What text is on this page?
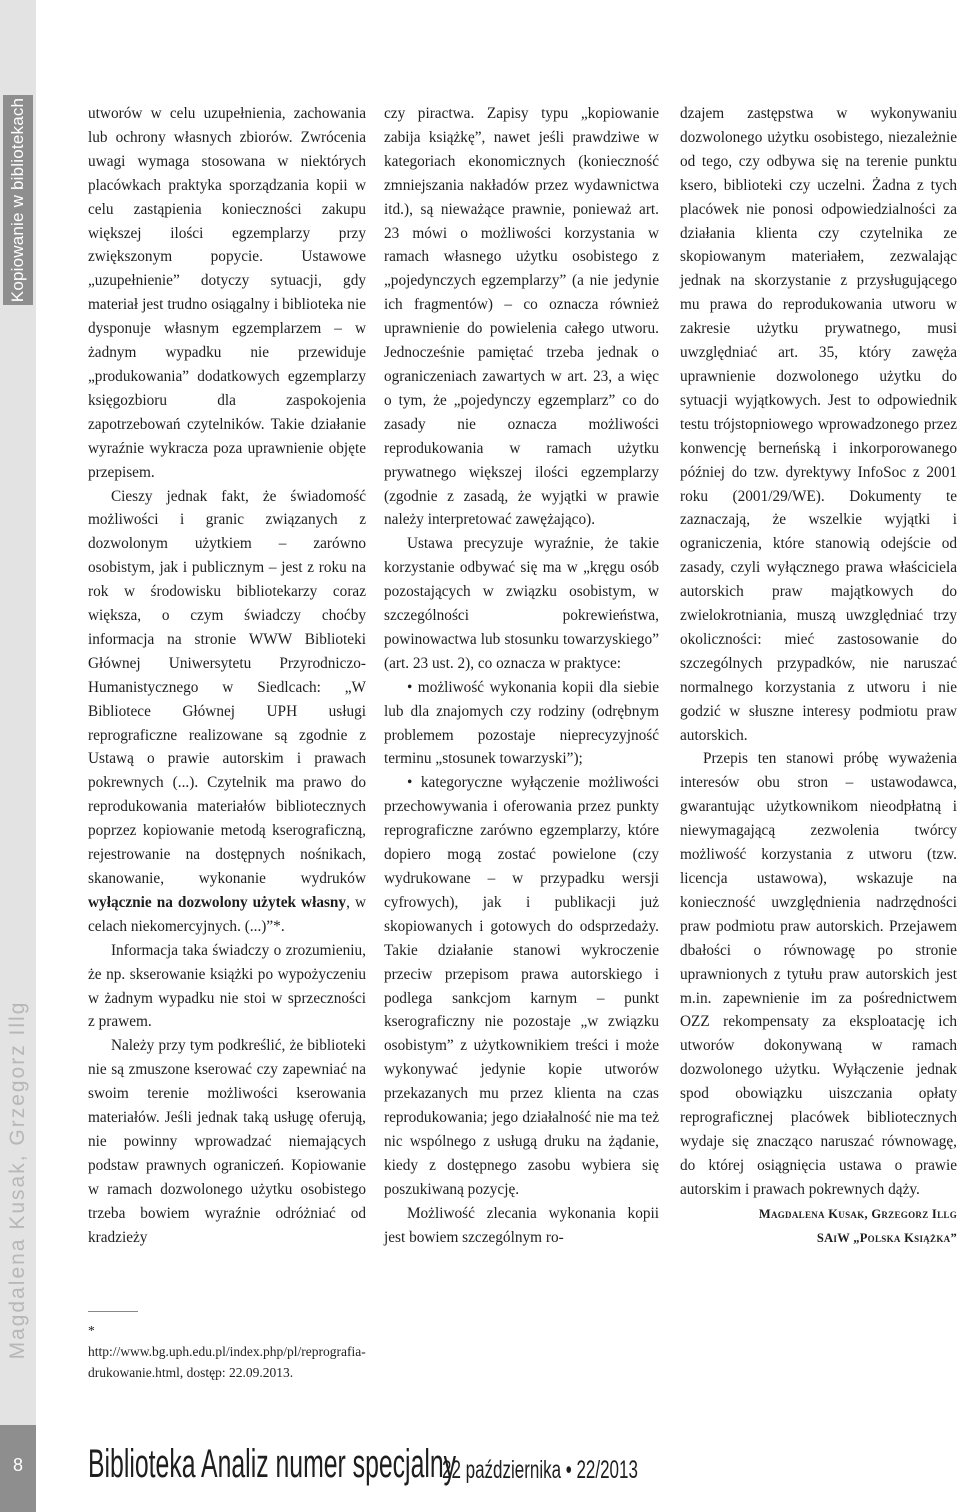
Kopiowanie w bibliotekach
Magdalena Kusak, Grzegorz Illg
8

utworów w celu uzupełnienia, zachowania lub ochrony własnych zbiorów. Zwrócenia uwagi wymaga stosowana w niektórych placówkach praktyka sporządzania kopii w celu zastąpienia konieczności zakupu większej ilości egzemplarzy przy zwiększonym popycie. Ustawowe „uzupełnienie” dotyczy sytuacji, gdy materiał jest trudno osiągalny i biblioteka nie dysponuje własnym egzemplarzem – w żadnym wypadku nie przewiduje „produkowania” dodatkowych egzemplarzy księgozbioru dla zaspokojenia zapotrzebowań czytelników. Takie działanie wyraźnie wykracza poza uprawnienie objęte przepisem.

Cieszy jednak fakt, że świadomość możliwości i granic związanych z dozwolonym użytkiem – zarówno osobistym, jak i publicznym – jest z roku na rok w środowisku bibliotekarzy coraz większa, o czym świadczy choćby informacja na stronie WWW Biblioteki Głównej Uniwersytetu Przyrodniczo-Humanistycznego w Siedlcach: „W Bibliotece Głównej UPH usługi reprograficzne realizowane są zgodnie z Ustawą o prawie autorskim i prawach pokrewnych (...). Czytelnik ma prawo do reprodukowania materiałów bibliotecznych poprzez kopiowanie metodą kserograficzną, rejestrowanie na dostępnych nośnikach, skanowanie, wykonanie wydruków wyłącznie na dozwolony użytek własny, w celach niekomercyjnych. (...)”*.

Informacja taka świadczy o zrozumieniu, że np. skserowanie książki po wypożyczeniu w żadnym wypadku nie stoi w sprzeczności z prawem.

Należy przy tym podkreślić, że biblioteki nie są zmuszone kserować czy zapewniać na swoim terenie możliwości kserowania materiałów. Jeśli jednak taką usługę oferują, nie powinny wprowadzać niemających podstaw prawnych ograniczeń. Kopiowanie w ramach dozwolonego użytku osobistego trzeba bowiem wyraźnie odróżniać od kradzieży

* http://www.bg.uph.edu.pl/index.php/pl/reprografia-drukowanie.html, dostęp: 22.09.2013.

czy piractwa. Zapisy typu „kopiowanie zabija książkę”, nawet jeśli prawdziwe w kategoriach ekonomicznych (konieczność zmniejszania nakładów przez wydawnictwa itd.), są nieważące prawnie, ponieważ art. 23 mówi o możliwości korzystania w ramach własnego użytku osobistego z „pojedynczych egzemplarzy” (a nie jedynie ich fragmentów) – co oznacza również uprawnienie do powielenia całego utworu. Jednocześnie pamiętać trzeba jednak o ograniczeniach zawartych w art. 23, a więc o tym, że „pojedynczy egzemplarz” co do zasady nie oznacza możliwości reprodukowania w ramach użytku prywatnego większej ilości egzemplarzy (zgodnie z zasadą, że wyjątki w prawie należy interpretować zawężająco).

Ustawa precyzuje wyraźnie, że takie korzystanie odbywać się ma w „kręgu osób pozostających w związku osobistym, w szczególności pokrewieństwa, powinowactwa lub stosunku towarzyskiego” (art. 23 ust. 2), co oznacza w praktyce:

• możliwość wykonania kopii dla siebie lub dla znajomych czy rodziny (odrębnym problemem pozostaje nieprecyzyjność terminu „stosunek towarzyski”);

• kategoryczne wyłączenie możliwości przechowywania i oferowania przez punkty reprograficzne zarówno egzemplarzy, które dopiero mogą zostać powielone (czy wydrukowane – w przypadku wersji cyfrowych), jak i publikacji już skopiowanych i gotowych do odsprzedaży. Takie działanie stanowi wykroczenie przeciw przepisom prawa autorskiego i podlega sankcjom karnym – punkt kserograficzny nie pozostaje „w związku osobistym” z użytkownikiem treści i może wykonywać jedynie kopie utworów przekazanych mu przez klienta na czas reprodukowania; jego działalność nie ma też nic wspólnego z usługą druku na żądanie, kiedy z dostępnego zasobu wybiera się poszukiwaną pozycję.

Możliwość zlecania wykonania kopii jest bowiem szczególnym ro-

dzajem zastępstwa w wykonywaniu dozwolonego użytku osobistego, niezależnie od tego, czy odbywa się na terenie punktu ksero, biblioteki czy uczelni. Żadna z tych placówek nie ponosi odpowiedzialności za działania klienta czy czytelnika ze skopiowanym materiałem, zezwalając jednak na skorzystanie z przysługującego mu prawa do reprodukowania utworu w zakresie użytku prywatnego, musi uwzględniać art. 35, który zawęża uprawnienie dozwolonego użytku do sytuacji wyjątkowych. Jest to odpowiednik testu trójstopniowego wprowadzonego przez konwencję berneńską i inkorporowanego później do tzw. dyrektywy InfoSoc z 2001 roku (2001/29/WE). Dokumenty te zaznaczają, że wszelkie wyjątki i ograniczenia, które stanowią odejście od zasady, czyli wyłącznego prawa właściciela autorskich praw majątkowych do zwielokrotniania, muszą uwzględniać trzy okoliczności: mieć zastosowanie do szczególnych przypadków, nie naruszać normalnego korzystania z utworu i nie godzić w słuszne interesy podmiotu praw autorskich.

Przepis ten stanowi próbę wyważenia interesów obu stron – ustawodawca, gwarantując użytkownikom nieodpłatną i niewymagającą zezwolenia twórcy możliwość korzystania z utworu (tzw. licencja ustawowa), wskazuje na konieczność uwzględnienia nadrzędności praw podmiotu praw autorskich. Przejawem dbałości o równowagę po stronie uprawnionych z tytułu praw autorskich jest m.in. zapewnienie im za pośrednictwem OZZ rekompensaty za eksploatację ich utworów dokonywaną w ramach dozwolonego użytku. Wyłączenie jednak spod obowiązku uiszczania opłaty reprograficznej placówek bibliotecznych wydaje się znacząco naruszać równowagę, do której osiągnięcia ustawa o prawie autorskim i prawach pokrewnych dąży.

Magdalena Kusak, Grzegorz Illg
SAiW „Polska Książka”
Biblioteka Analiz numer specjalny
22 października • 22/2013
